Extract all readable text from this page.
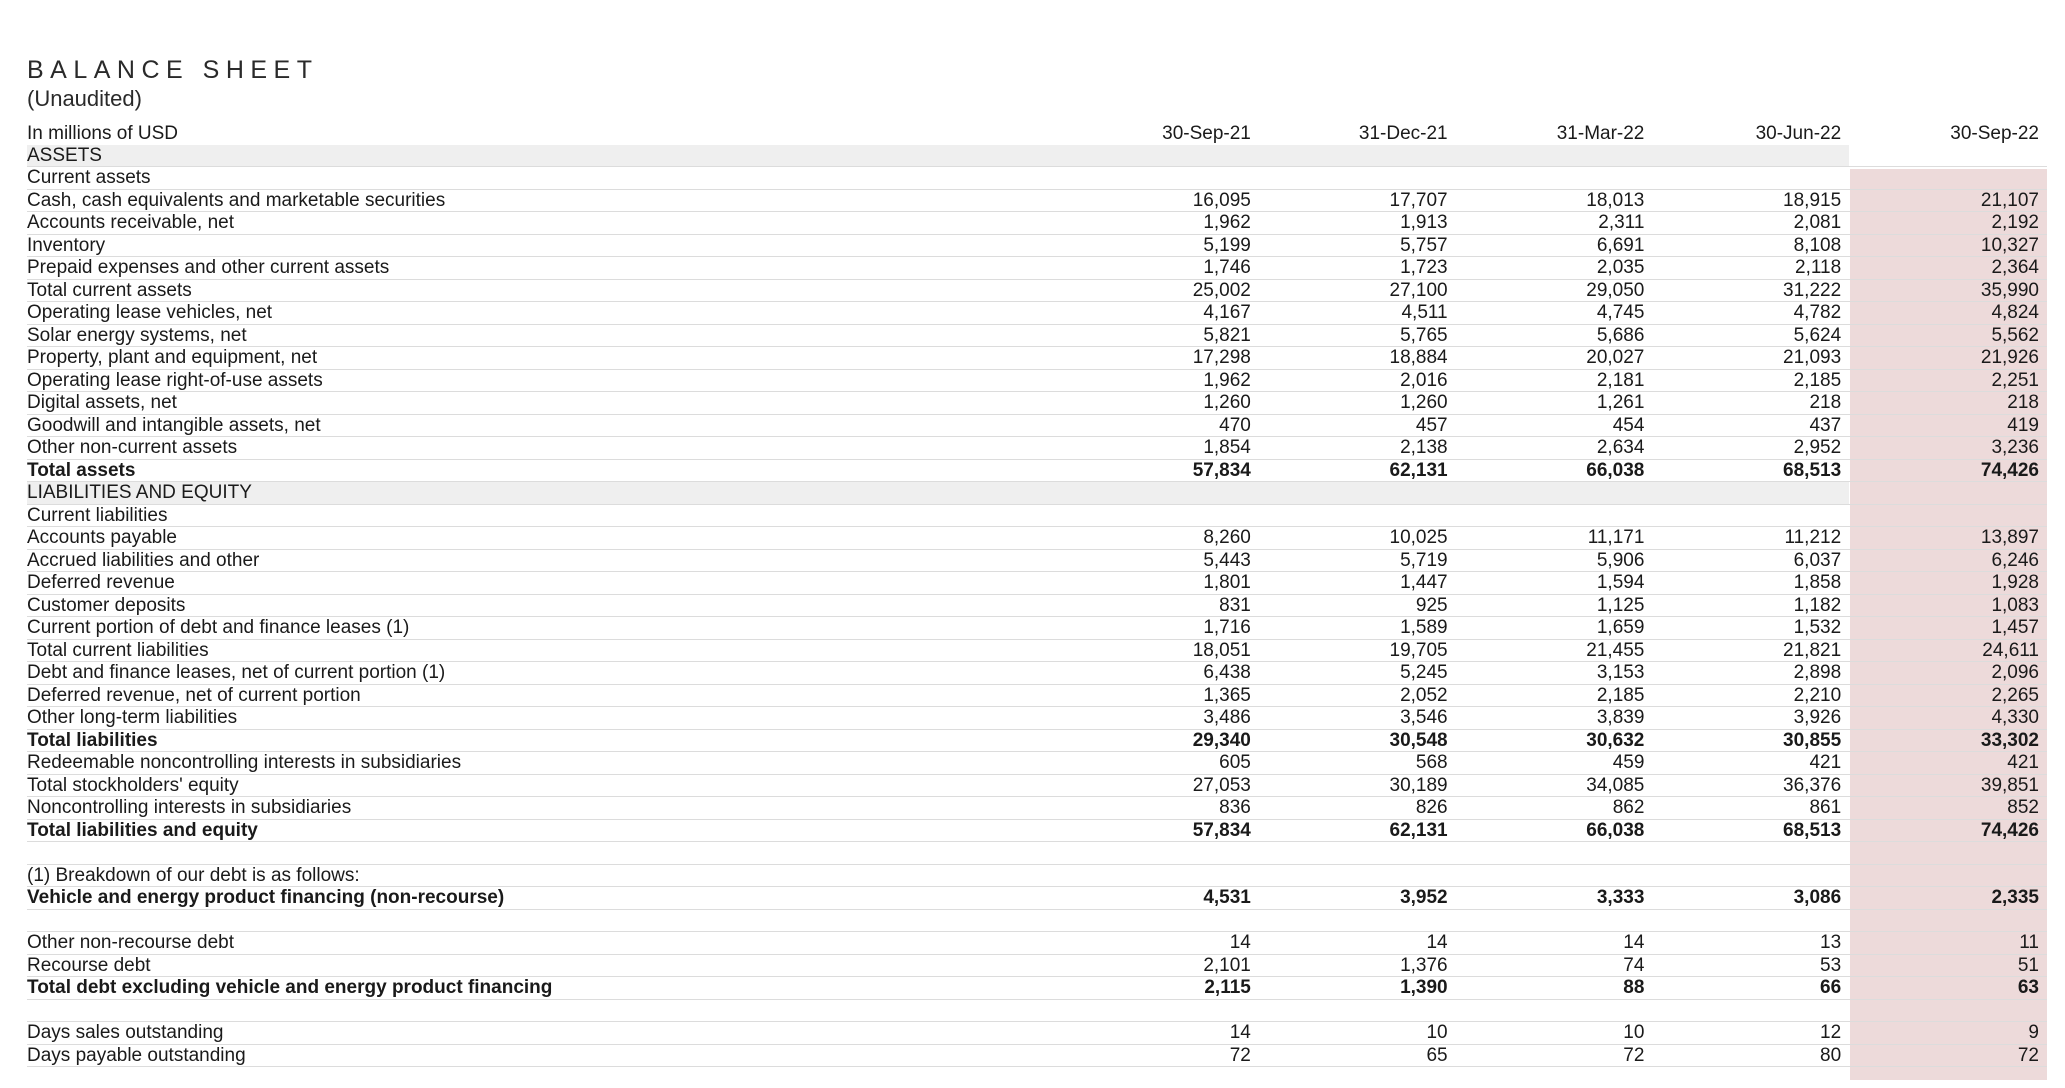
BALANCE SHEET
(Unaudited)
In millions of USD	30-Sep-21	31-Dec-21	31-Mar-22	30-Jun-22	30-Sep-22
ASSETS					
Current assets					
Cash, cash equivalents and marketable securities	16,095	17,707	18,013	18,915	21,107
Accounts receivable, net	1,962	1,913	2,311	2,081	2,192
Inventory	5,199	5,757	6,691	8,108	10,327
Prepaid expenses and other current assets	1,746	1,723	2,035	2,118	2,364
Total current assets	25,002	27,100	29,050	31,222	35,990
Operating lease vehicles, net	4,167	4,511	4,745	4,782	4,824
Solar energy systems, net	5,821	5,765	5,686	5,624	5,562
Property, plant and equipment, net	17,298	18,884	20,027	21,093	21,926
Operating lease right-of-use assets	1,962	2,016	2,181	2,185	2,251
Digital assets, net	1,260	1,260	1,261	218	218
Goodwill and intangible assets, net	470	457	454	437	419
Other non-current assets	1,854	2,138	2,634	2,952	3,236
Total assets	57,834	62,131	66,038	68,513	74,426
LIABILITIES AND EQUITY					
Current liabilities					
Accounts payable	8,260	10,025	11,171	11,212	13,897
Accrued liabilities and other	5,443	5,719	5,906	6,037	6,246
Deferred revenue	1,801	1,447	1,594	1,858	1,928
Customer deposits	831	925	1,125	1,182	1,083
Current portion of debt and finance leases (1)	1,716	1,589	1,659	1,532	1,457
Total current liabilities	18,051	19,705	21,455	21,821	24,611
Debt and finance leases, net of current portion (1)	6,438	5,245	3,153	2,898	2,096
Deferred revenue, net of current portion	1,365	2,052	2,185	2,210	2,265
Other long-term liabilities	3,486	3,546	3,839	3,926	4,330
Total liabilities	29,340	30,548	30,632	30,855	33,302
Redeemable noncontrolling interests in subsidiaries	605	568	459	421	421
Total stockholders' equity	27,053	30,189	34,085	36,376	39,851
Noncontrolling interests in subsidiaries	836	826	862	861	852
Total liabilities and equity	57,834	62,131	66,038	68,513	74,426

(1) Breakdown of our debt is as follows:					
Vehicle and energy product financing (non-recourse)	4,531	3,952	3,333	3,086	2,335

Other non-recourse debt	14	14	14	13	11
Recourse debt	2,101	1,376	74	53	51
Total debt excluding vehicle and energy product financing	2,115	1,390	88	66	63

Days sales outstanding	14	10	10	12	9
Days payable outstanding	72	65	72	80	72
